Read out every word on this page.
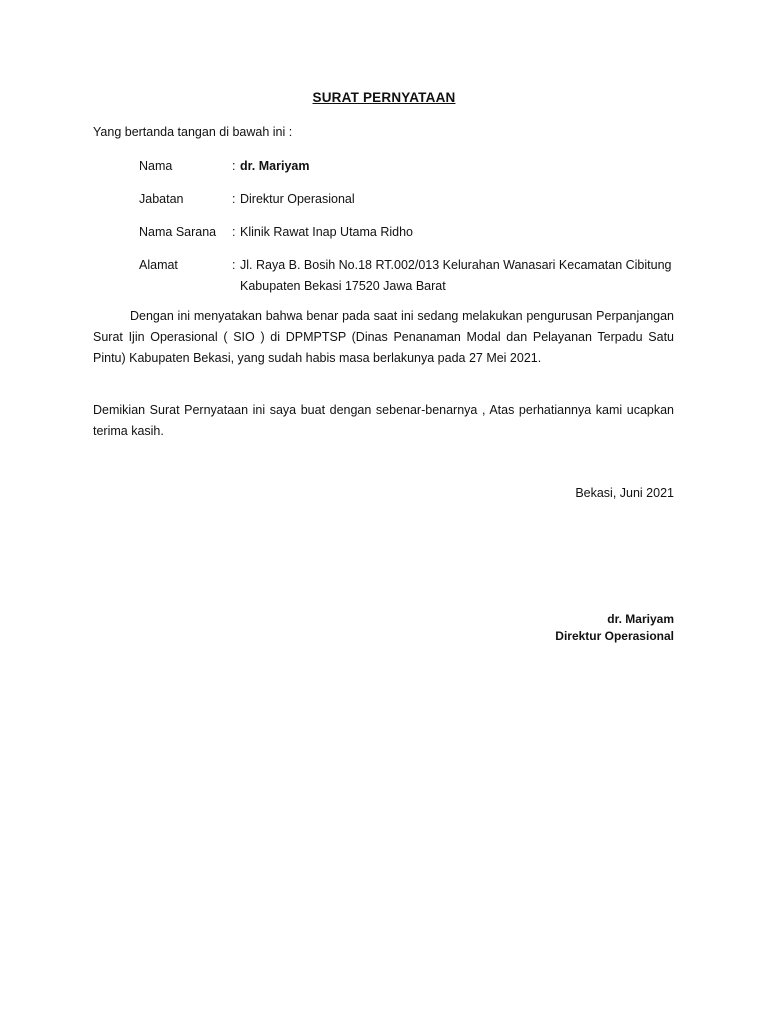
SURAT PERNYATAAN
Yang bertanda tangan di bawah ini :
Nama	: dr. Mariyam
Jabatan	: Direktur Operasional
Nama Sarana	: Klinik Rawat Inap Utama Ridho
Alamat	: Jl. Raya B. Bosih No.18 RT.002/013 Kelurahan Wanasari Kecamatan Cibitung Kabupaten Bekasi 17520 Jawa Barat
Dengan ini menyatakan bahwa benar pada saat ini sedang melakukan pengurusan Perpanjangan Surat Ijin Operasional ( SIO ) di DPMPTSP (Dinas Penanaman Modal dan Pelayanan Terpadu Satu Pintu) Kabupaten Bekasi, yang sudah habis masa berlakunya pada 27 Mei 2021.
Demikian Surat Pernyataan ini saya buat dengan sebenar-benarnya , Atas perhatiannya kami ucapkan terima kasih.
Bekasi, Juni 2021
dr. Mariyam
Direktur Operasional
